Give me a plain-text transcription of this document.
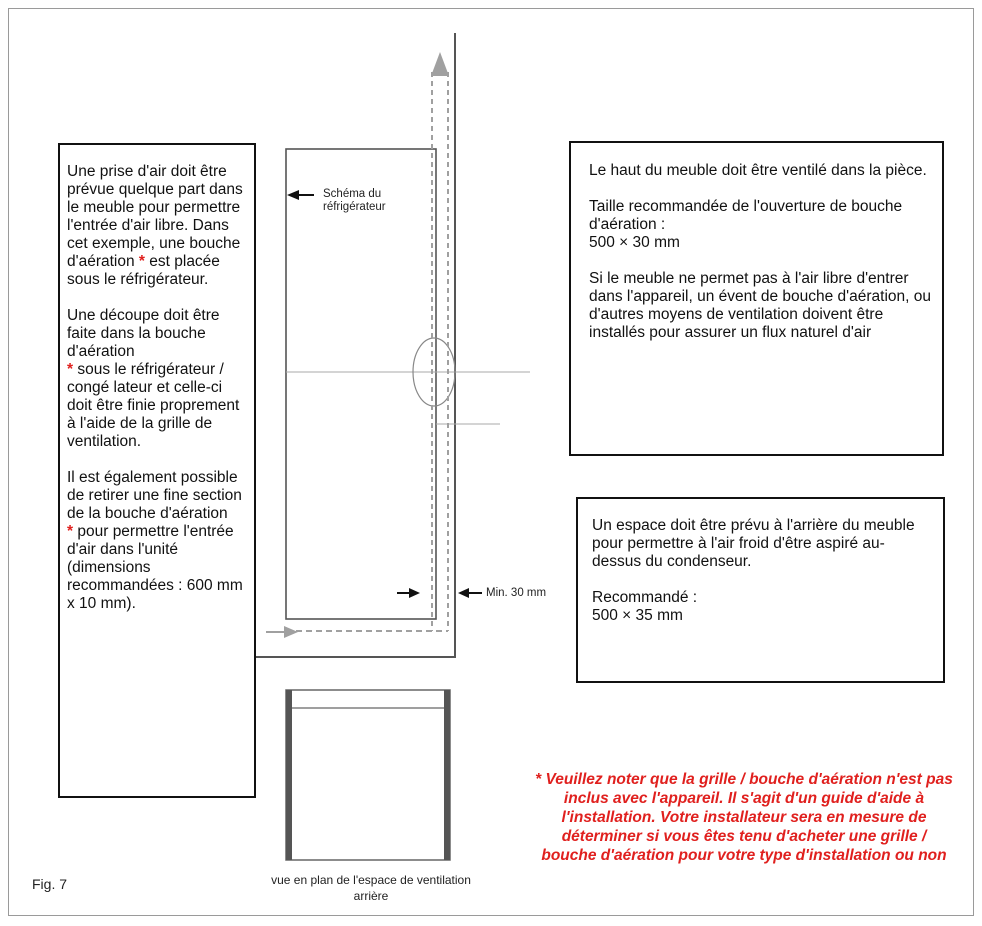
Une prise d'air doit être prévue quelque part dans le meuble pour permettre l'entrée d'air libre. Dans cet exemple, une bouche d'aération * est placée sous le réfrigérateur.

Une découpe doit être faite dans la bouche d'aération
* sous le réfrigérateur / congé lateur et celle-ci doit être finie proprement à l'aide de la grille de ventilation.

Il est également possible de retirer une fine section de la bouche d'aération
* pour permettre l'entrée d'air dans l'unité (dimensions recommandées : 600 mm x 10 mm).

Le haut du meuble doit être ventilé dans la pièce.

Taille recommandée de l'ouverture de bouche d'aération :
500 × 30 mm

Si le meuble ne permet pas à l'air libre d'entrer dans l'appareil, un évent de bouche d'aération, ou d'autres moyens de ventilation doivent être installés pour assurer un flux naturel d'air

Un espace doit être prévu à l'arrière du meuble pour permettre à l'air froid d'être aspiré au-dessus du condenseur.

Recommandé :
500 × 35 mm

Schéma du réfrigérateur
Min. 30 mm
vue en plan de l'espace de ventilation arrière
Fig. 7
* Veuillez noter que la grille / bouche d'aération n'est pas inclus avec l'appareil. Il s'agit d'un guide d'aide à l'installation. Votre installateur sera en mesure de déterminer si vous êtes tenu d'acheter une grille / bouche d'aération pour votre type d'installation ou non
